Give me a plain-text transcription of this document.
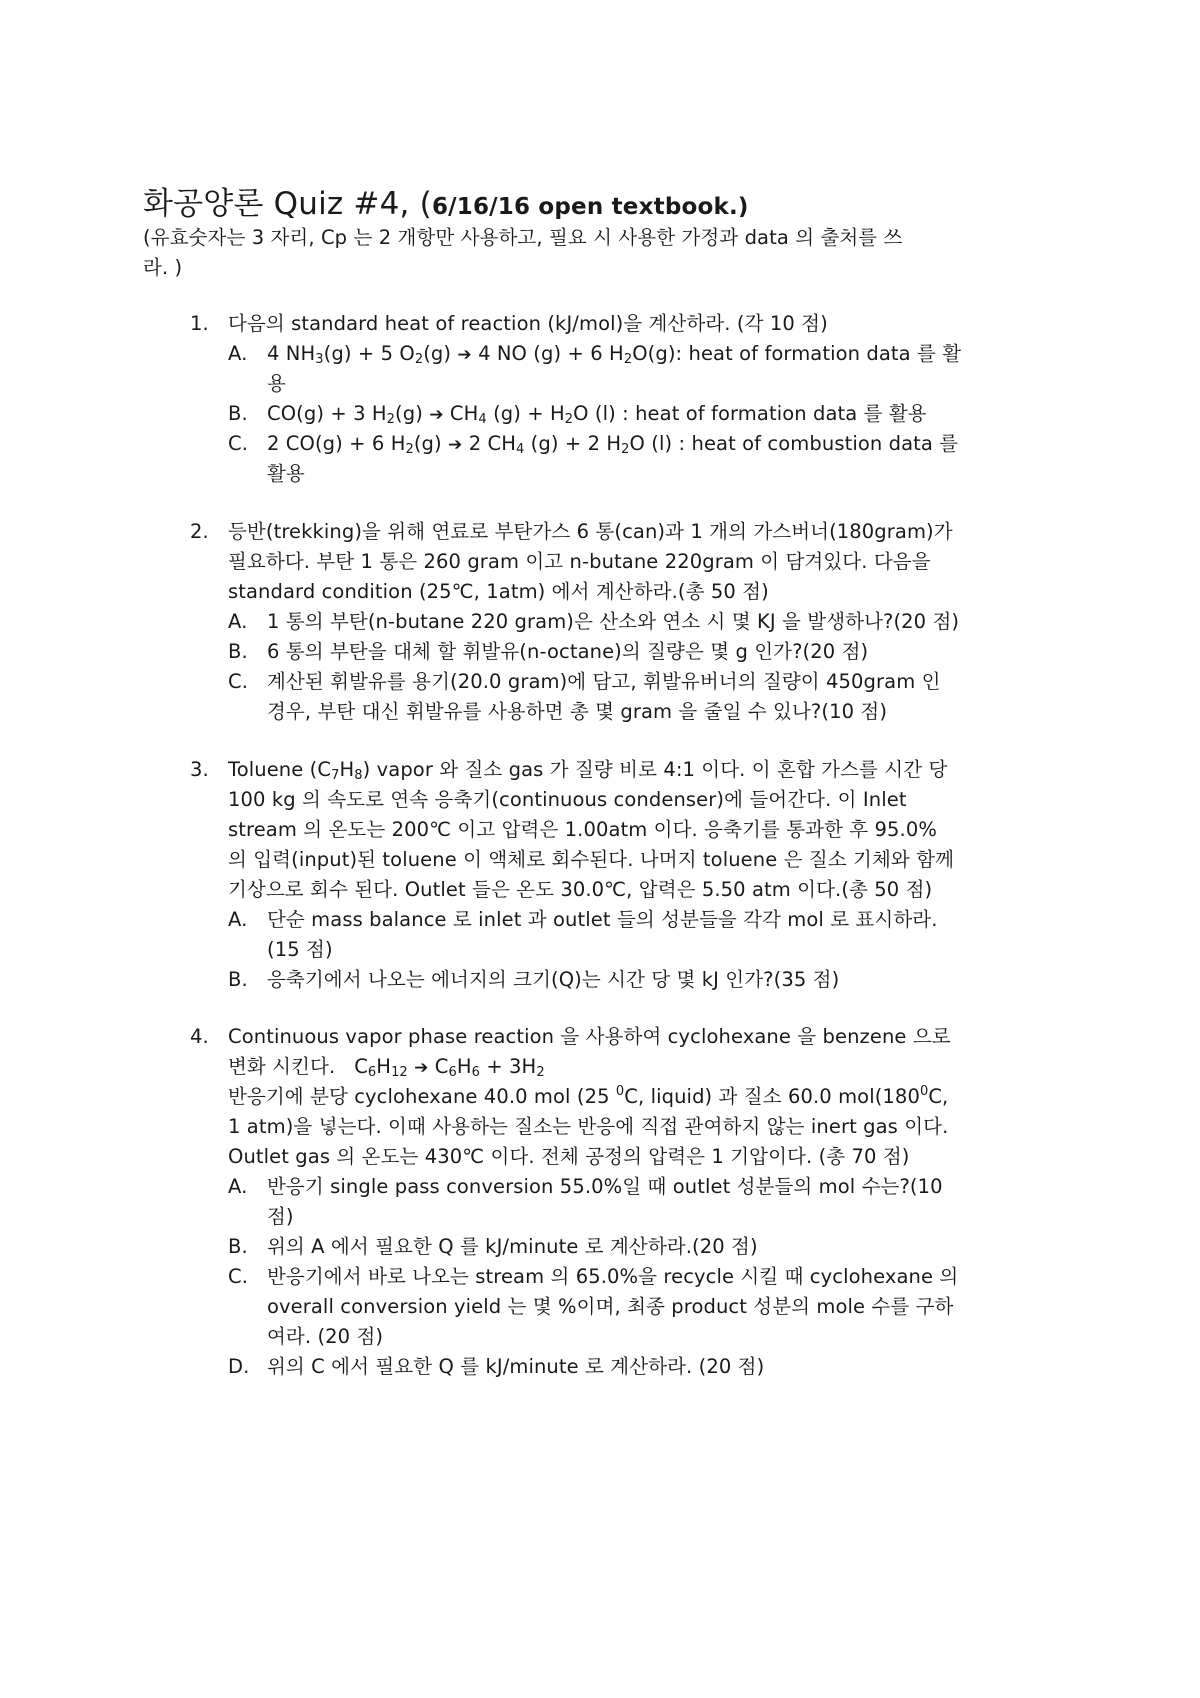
화공양론 Quiz #4, (6/16/16 open textbook.)
(유효숫자는 3 자리, Cp 는 2 개항만 사용하고, 필요 시 사용한 가정과 data 의 출처를 쓰
라. )
1. 다음의 standard heat of reaction (kJ/mol)을 계산하라. (각 10 점)
A. 4 $NH_3(g) + 5$ $O_2(g)$ ➔ 4 NO (g) + 6 $H_2O(g)$: heat of formation data 를 활
용
B. CO(g) + 3 $H_2(g)$ ➔ $CH_4$ $(g) + H_2O$ (l) : heat of formation data 를 활용
C. 2 CO(g) + 6 $H_2(g)$ ➔ 2 $CH_4$ (g) + 2 $H_2O$ (l) : heat of combustion data 를
활용
2. 등반(trekking)을 위해 연료로 부탄가스 6 통(can)과 1 개의 가스버너(180gram)가
필요하다. 부탄 1 통은 260 gram 이고 n-butane 220gram 이 담겨있다. 다음을
standard condition (25℃, 1atm) 에서 계산하라.(총 50 점)
A. 1 통의 부탄(n-butane 220 gram)은 산소와 연소 시 몇 KJ 을 발생하나?(20 점)
B. 6 통의 부탄을 대체 할 휘발유(n-octane)의 질량은 몇 g 인가?(20 점)
C. 계산된 휘발유를 용기(20.0 gram)에 담고, 휘발유버너의 질량이 450gram 인
경우, 부탄 대신 휘발유를 사용하면 총 몇 gram 을 줄일 수 있나?(10 점)
3. Toluene $(C_7H_8)$ vapor 와 질소 gas 가 질량 비로 4:1 이다. 이 혼합 가스를 시간 당
100 kg 의 속도로 연속 응축기(continuous condenser)에 들어간다. 이 Inlet
stream 의 온도는 200℃ 이고 압력은 1.00atm 이다. 응축기를 통과한 후 95.0%
의 입력(input)된 toluene 이 액체로 회수된다. 나머지 toluene 은 질소 기체와 함께
기상으로 회수 된다. Outlet 들은 온도 30.0℃, 압력은 5.50 atm 이다.(총 50 점)
A. 단순 mass balance 로 inlet 과 outlet 들의 성분들을 각각 mol 로 표시하라.
(15 점)
B. 응축기에서 나오는 에너지의 크기(Q)는 시간 당 몇 kJ 인가?(35 점)
4. Continuous vapor phase reaction 을 사용하여 cyclohexane 을 benzene 으로
변화 시킨다.   $C_6H_{12}$ ➔ $C_6H_6 + 3H_2$
반응기에 분당 cyclohexane 40.0 mol (25 $^0$C, liquid) 과 질소 60.0 $mol(180^0C$,
1 atm)을 넣는다. 이때 사용하는 질소는 반응에 직접 관여하지 않는 inert gas 이다.
Outlet gas 의 온도는 430℃ 이다. 전체 공정의 압력은 1 기압이다. (총 70 점)
A. 반응기 single pass conversion 55.0%일 때 outlet 성분들의 mol 수는?(10
점)
B. 위의 A 에서 필요한 Q 를 kJ/minute 로 계산하라.(20 점)
C. 반응기에서 바로 나오는 stream 의 65.0%을 recycle 시킬 때 cyclohexane 의
overall conversion yield 는 몇 %이며, 최종 product 성분의 mole 수를 구하
여라. (20 점)
D. 위의 C 에서 필요한 Q 를 kJ/minute 로 계산하라. (20 점)
